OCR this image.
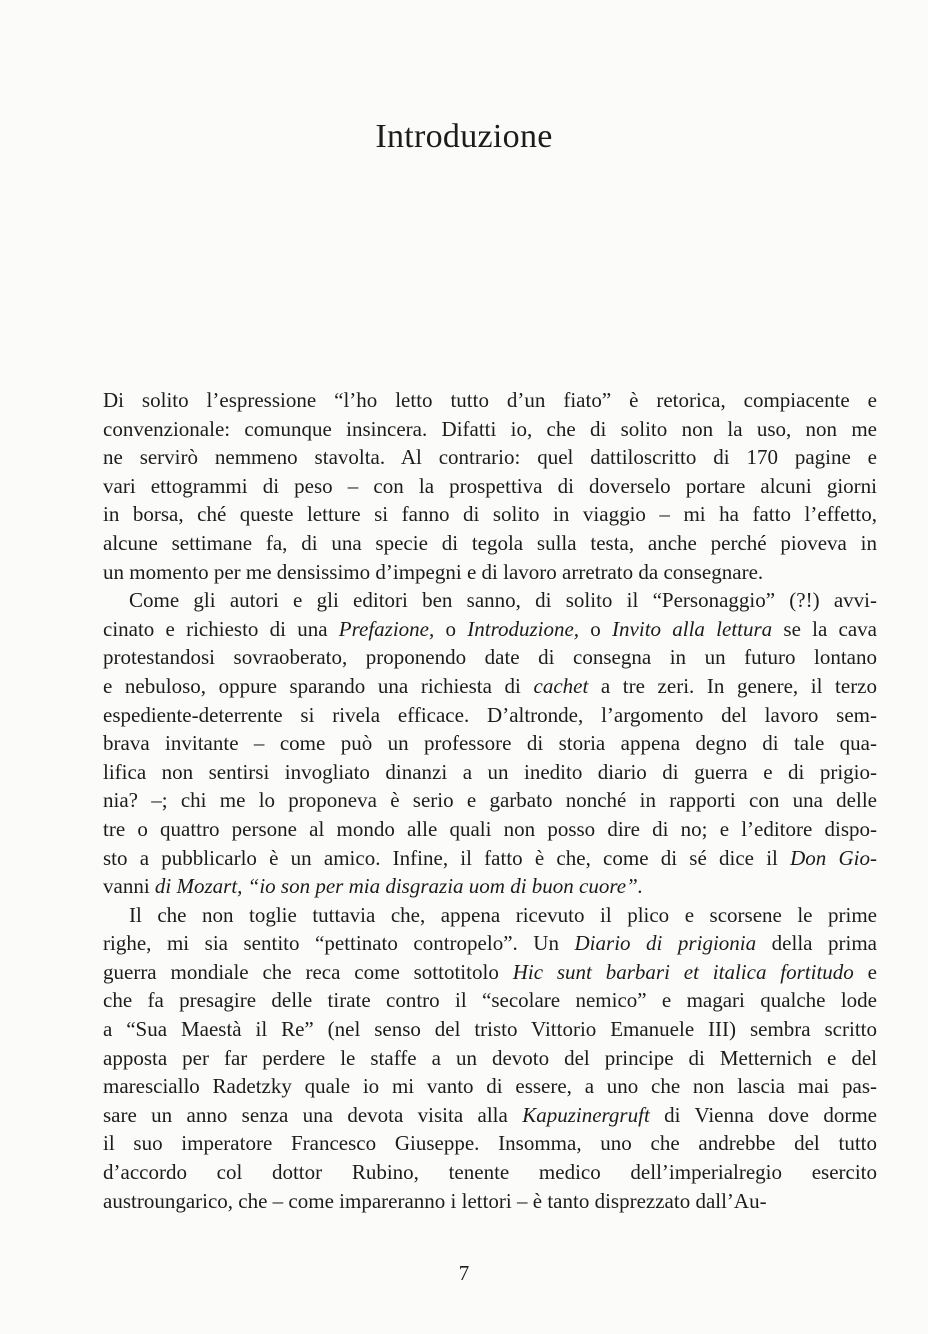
Introduzione
Di solito l’espressione “l’ho letto tutto d’un fiato” è retorica, compiacente e
convenzionale: comunque insincera. Difatti io, che di solito non la uso, non me
ne servirò nemmeno stavolta. Al contrario: quel dattiloscritto di 170 pagine e
vari ettogrammi di peso – con la prospettiva di doverselo portare alcuni giorni
in borsa, ché queste letture si fanno di solito in viaggio – mi ha fatto l’effetto,
alcune settimane fa, di una specie di tegola sulla testa, anche perché pioveva in
un momento per me densissimo d’impegni e di lavoro arretrato da consegnare.
Come gli autori e gli editori ben sanno, di solito il “Personaggio” (?!) avvi-
cinato e richiesto di una Prefazione, o Introduzione, o Invito alla lettura se la cava
protestandosi sovraoberato, proponendo date di consegna in un futuro lontano
e nebuloso, oppure sparando una richiesta di cachet a tre zeri. In genere, il terzo
espediente-deterrente si rivela efficace. D’altronde, l’argomento del lavoro sem-
brava invitante – come può un professore di storia appena degno di tale qua-
lifica non sentirsi invogliato dinanzi a un inedito diario di guerra e di prigio-
nia? –; chi me lo proponeva è serio e garbato nonché in rapporti con una delle
tre o quattro persone al mondo alle quali non posso dire di no; e l’editore dispo-
sto a pubblicarlo è un amico. Infine, il fatto è che, come di sé dice il Don Gio-
vanni di Mozart, “io son per mia disgrazia uom di buon cuore”.
Il che non toglie tuttavia che, appena ricevuto il plico e scorsene le prime
righe, mi sia sentito “pettinato contropelo”. Un Diario di prigionia della prima
guerra mondiale che reca come sottotitolo Hic sunt barbari et italica fortitudo e
che fa presagire delle tirate contro il “secolare nemico” e magari qualche lode
a “Sua Maestà il Re” (nel senso del tristo Vittorio Emanuele III) sembra scritto
apposta per far perdere le staffe a un devoto del principe di Metternich e del
maresciallo Radetzky quale io mi vanto di essere, a uno che non lascia mai pas-
sare un anno senza una devota visita alla Kapuzinergruft di Vienna dove dorme
il suo imperatore Francesco Giuseppe. Insomma, uno che andrebbe del tutto
d’accordo col dottor Rubino, tenente medico dell’imperialregio esercito
austroungarico, che – come impareranno i lettori – è tanto disprezzato dall’Au-
7
